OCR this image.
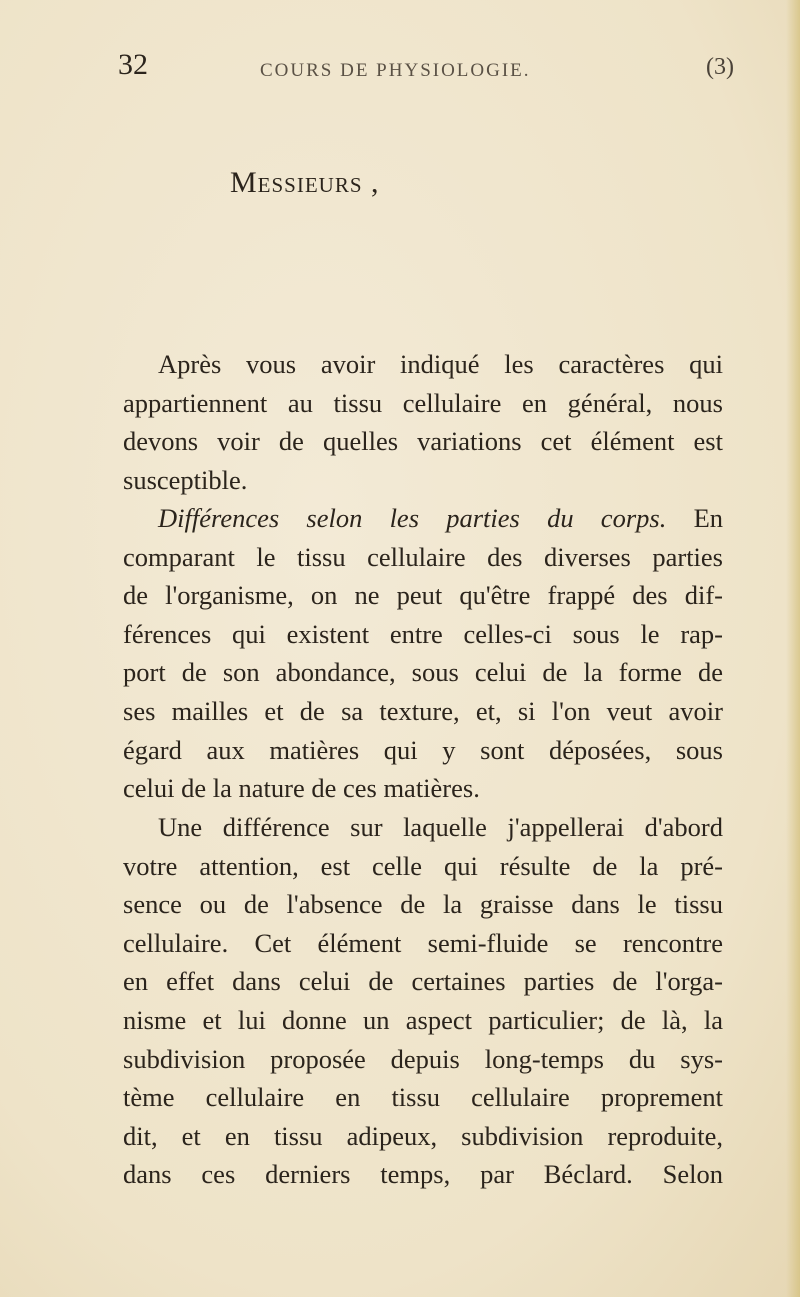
32	COURS DE PHYSIOLOGIE.	(3)
Messieurs ,
Après vous avoir indiqué les caractères qui
appartiennent au tissu cellulaire en général, nous
devons voir de quelles variations cet élément est
susceptible.
Différences selon les parties du corps. En
comparant le tissu cellulaire des diverses parties
de l'organisme, on ne peut qu'être frappé des dif-
férences qui existent entre celles-ci sous le rap-
port de son abondance, sous celui de la forme de
ses mailles et de sa texture, et, si l'on veut avoir
égard aux matières qui y sont déposées, sous
celui de la nature de ces matières.
Une différence sur laquelle j'appellerai d'abord
votre attention, est celle qui résulte de la pré-
sence ou de l'absence de la graisse dans le tissu
cellulaire. Cet élément semi-fluide se rencontre
en effet dans celui de certaines parties de l'orga-
nisme et lui donne un aspect particulier; de là, la
subdivision proposée depuis long-temps du sys-
tème cellulaire en tissu cellulaire proprement
dit, et en tissu adipeux, subdivision reproduite,
dans ces derniers temps, par Béclard. Selon
